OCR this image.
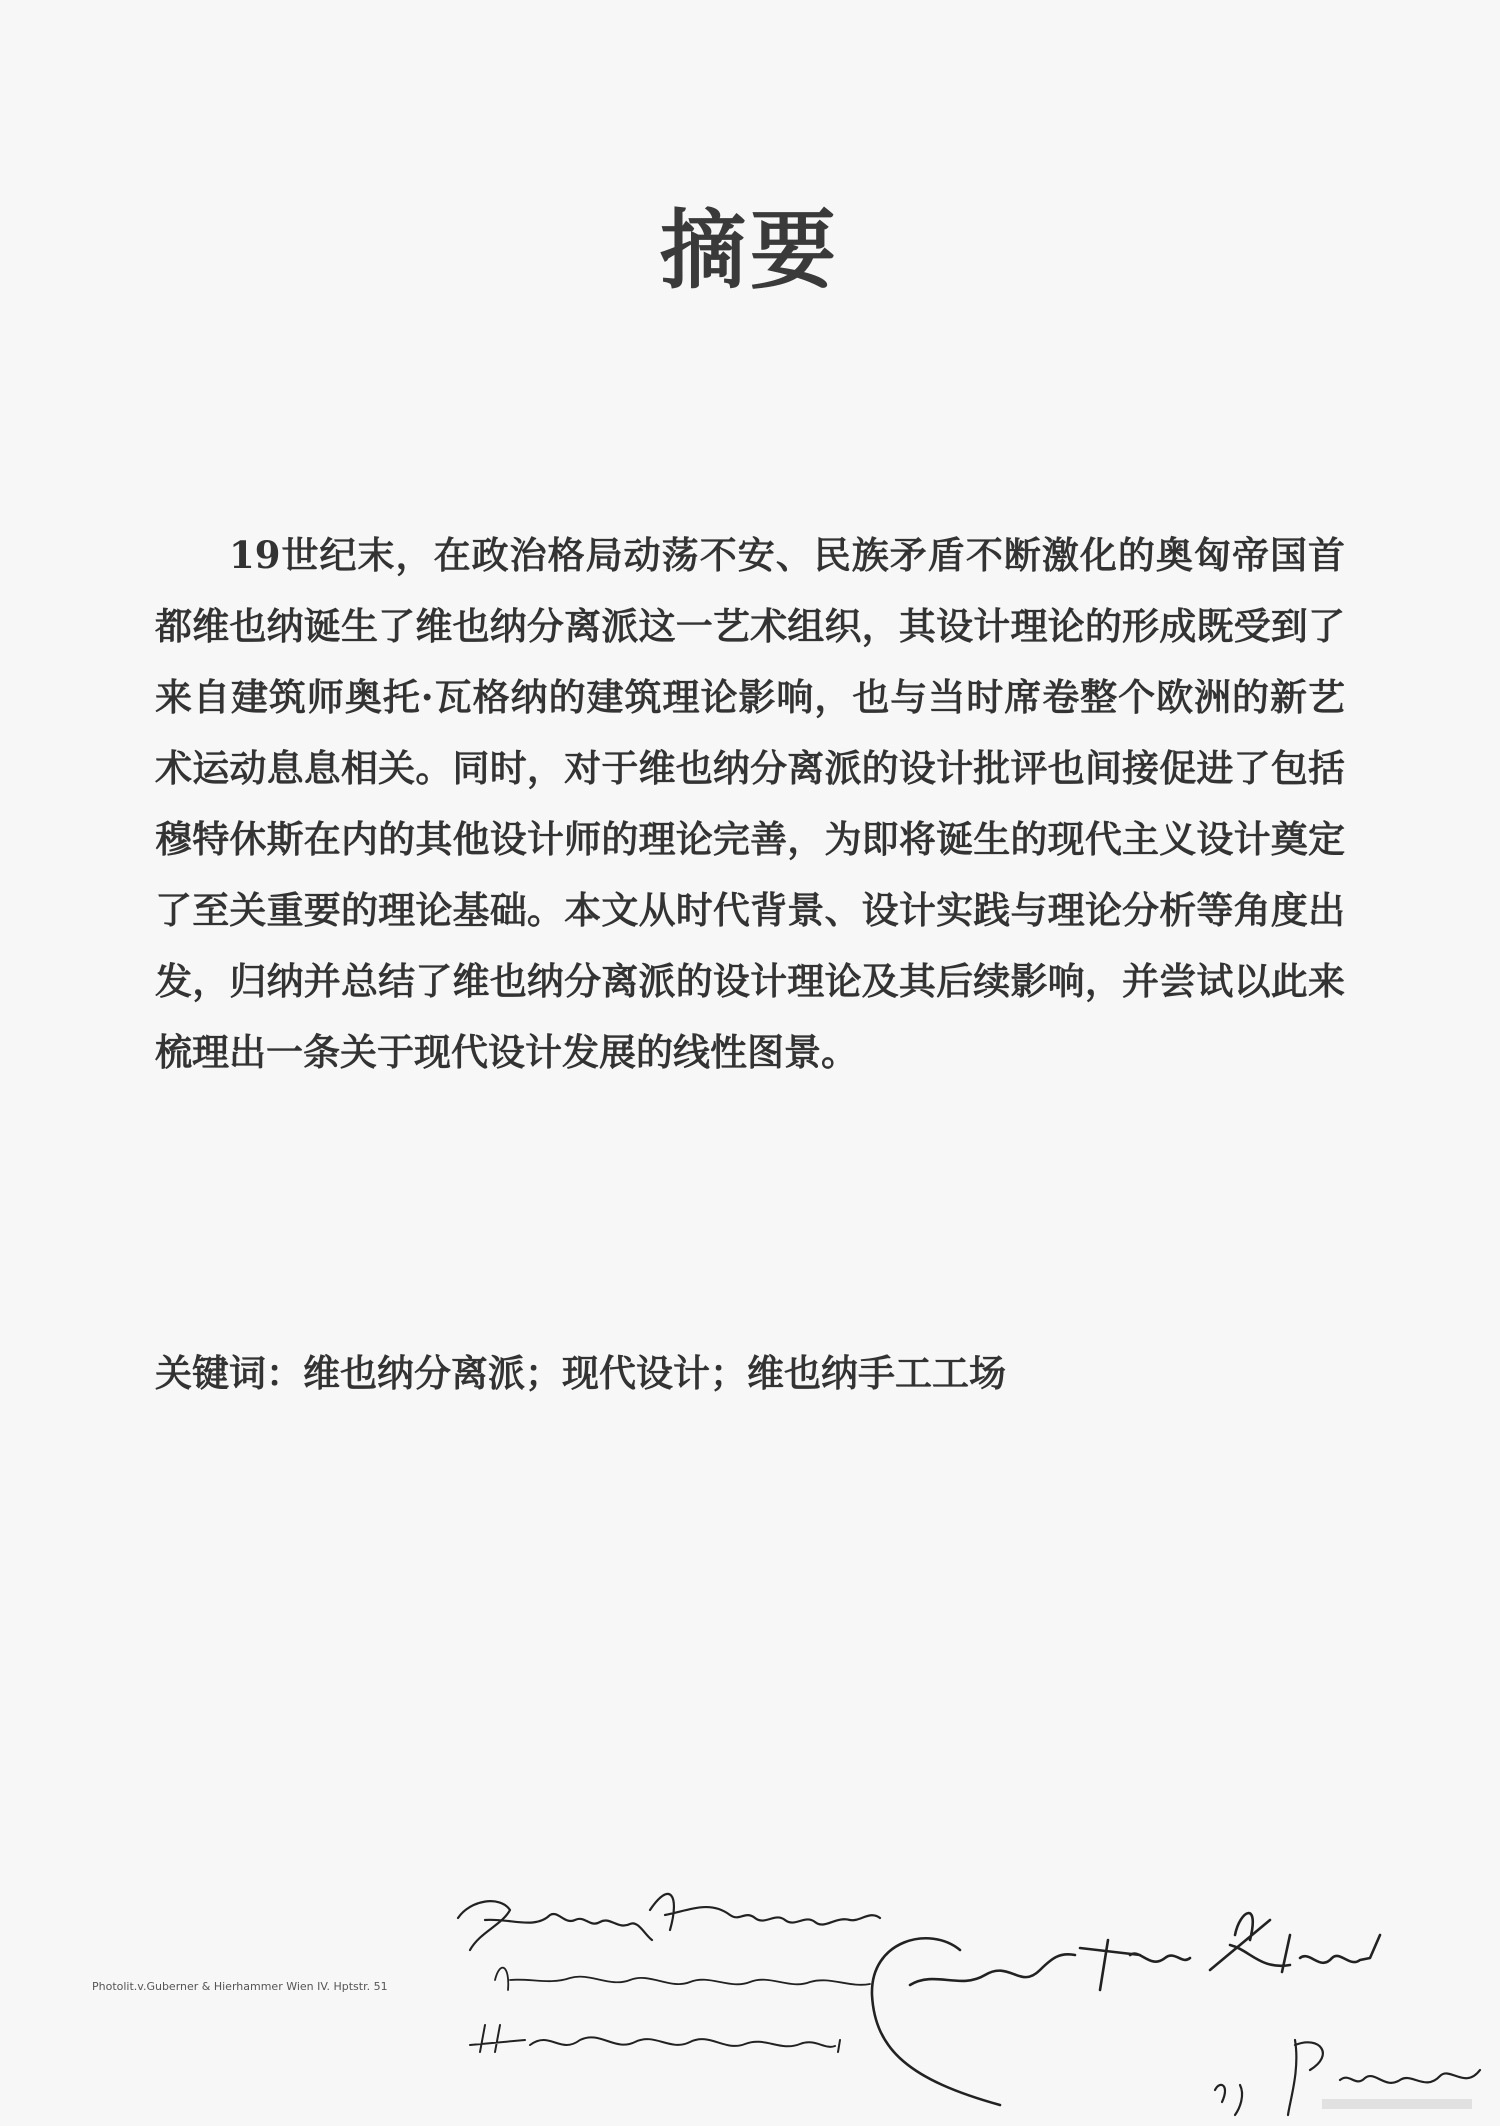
摘要

19世纪末，在政治格局动荡不安、民族矛盾不断激化的奥匈帝国首都维也纳诞生了维也纳分离派这一艺术组织，其设计理论的形成既受到了来自建筑师奥托·瓦格纳的建筑理论影响，也与当时席卷整个欧洲的新艺术运动息息相关。同时，对于维也纳分离派的设计批评也间接促进了包括穆特休斯在内的其他设计师的理论完善，为即将诞生的现代主义设计奠定了至关重要的理论基础。本文从时代背景、设计实践与理论分析等角度出发，归纳并总结了维也纳分离派的设计理论及其后续影响，并尝试以此来梳理出一条关于现代设计发展的线性图景。

关键词：维也纳分离派；现代设计；维也纳手工工场
Photolit.v.Guberner & Hierhammer Wien IV. Hptstr. 51
